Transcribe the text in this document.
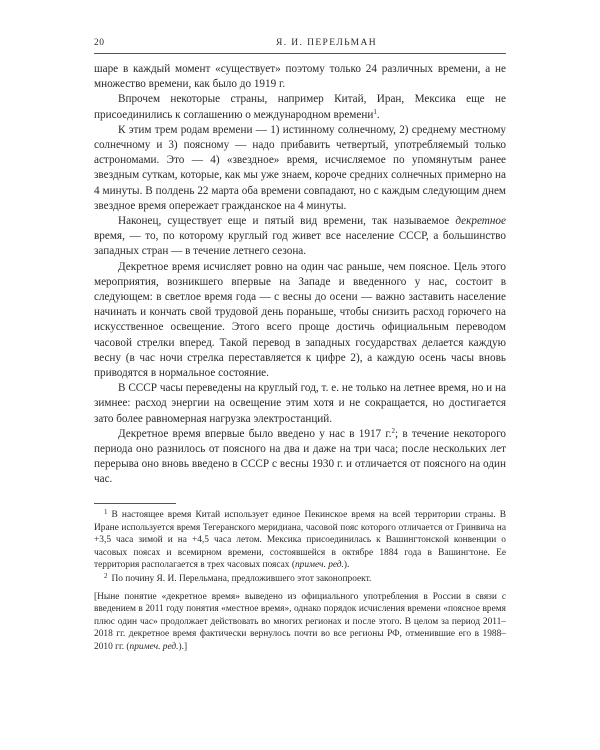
20	Я. И. ПЕРЕЛЬМАН

шаре в каждый момент «существует» поэтому только 24 различных времени, а не множество времени, как было до 1919 г.

Впрочем некоторые страны, например Китай, Иран, Мексика еще не присоединились к соглашению о международном времени$^1$.

К этим трем родам времени — 1) истинному солнечному, 2) среднему местному солнечному и 3) поясному — надо прибавить четвертый, употребляемый только астрономами. Это — 4) «звездное» время, исчисляемое по упомянутым ранее звездным суткам, которые, как мы уже знаем, короче средних солнечных примерно на 4 минуты. В полдень 22 марта оба времени совпадают, но с каждым следующим днем звездное время опережает гражданское на 4 минуты.

Наконец, существует еще и пятый вид времени, так называемое декретное время, — то, по которому круглый год живет все население СССР, а большинство западных стран — в течение летнего сезона.

Декретное время исчисляет ровно на один час раньше, чем поясное. Цель этого мероприятия, возникшего впервые на Западе и введенного у нас, состоит в следующем: в светлое время года — с весны до осени — важно заставить население начинать и кончать свой трудовой день пораньше, чтобы снизить расход горючего на искусственное освещение. Этого всего проще достичь официальным переводом часовой стрелки вперед. Такой перевод в западных государствах делается каждую весну (в час ночи стрелка переставляется к цифре 2), а каждую осень часы вновь приводятся в нормальное состояние.

В СССР часы переведены на круглый год, т. е. не только на летнее время, но и на зимнее: расход энергии на освещение этим хотя и не сокращается, но достигается зато более равномерная нагрузка электростанций.

Декретное время впервые было введено у нас в 1917 г.$^2$; в течение некоторого периода оно разнилось от поясного на два и даже на три часа; после нескольких лет перерыва оно вновь введено в СССР с весны 1930 г. и отличается от поясного на один час.

$^1$ В настоящее время Китай использует единое Пекинское время на всей территории страны. В Иране используется время Тегеранского меридиана, часовой пояс которого отличается от Гринвича на +3,5 часа зимой и на +4,5 часа летом. Мексика присоединилась к Вашингтонской конвенции о часовых поясах и всемирном времени, состоявшейся в октябре 1884 года в Вашингтоне. Ее территория располагается в трех часовых поясах (примеч. ред.).

$^2$ По почину Я. И. Перельмана, предложившего этот законопроект.

[Ныне понятие «декретное время» выведено из официального употребления в России в связи с введением в 2011 году понятия «местное время», однако порядок исчисления времени «поясное время плюс один час» продолжает действовать во многих регионах и после этого. В целом за период 2011–2018 гг. декретное время фактически вернулось почти во все регионы РФ, отменившие его в 1988–2010 гг. (примеч. ред.).]
